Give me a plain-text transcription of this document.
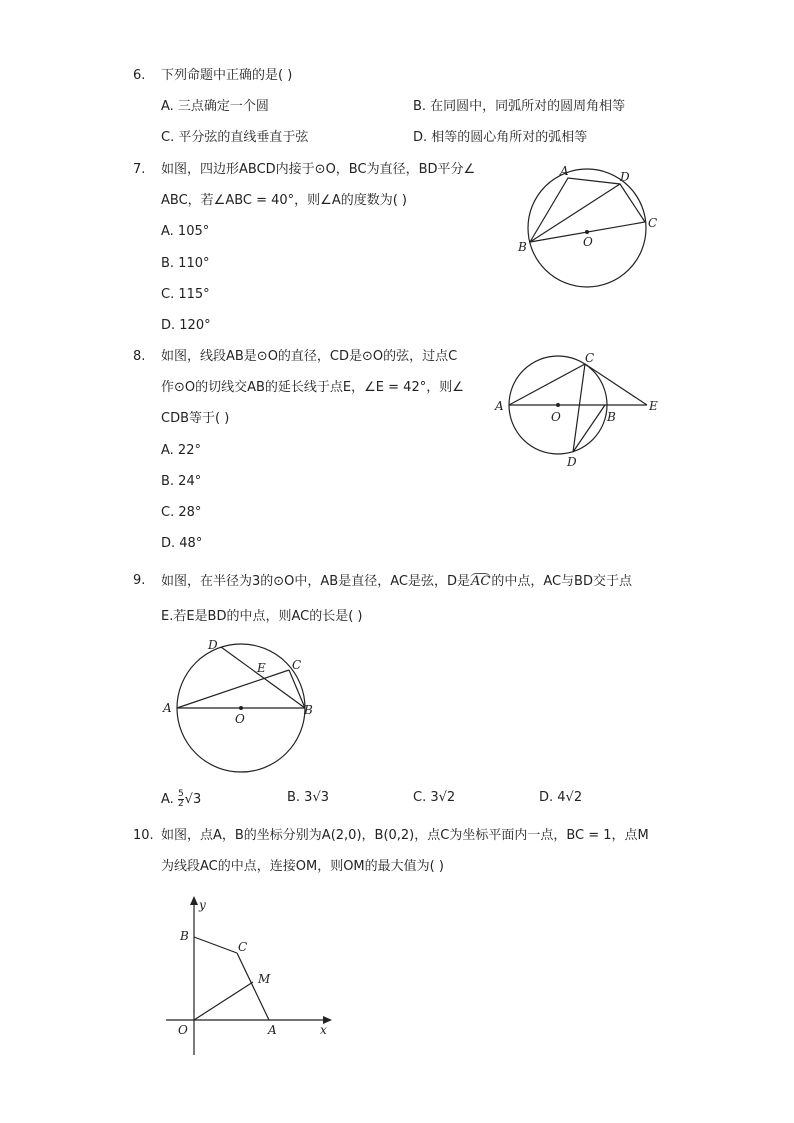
6. 下列命题中正确的是( )
A. 三点确定一个圆	B. 在同圆中，同弧所对的圆周角相等
C. 平分弦的直线垂直于弦	D. 相等的圆心角所对的弧相等
7. 如图，四边形ABCD内接于⊙O，BC为直径，BD平分∠
ABC，若∠ABC = 40°，则∠A的度数为( )
A. 105°
B. 110°
C. 115°
D. 120°
A	D
C
B	O
8. 如图，线段AB是⊙O的直径，CD是⊙O的弦，过点C
作⊙O的切线交AB的延长线于点E，∠E = 42°，则∠
CDB等于( )
A. 22°
B. 24°
C. 28°
D. 48°
C
A
O	B
E
D
9. 如图，在半径为3的⊙O中，AB是直径，AC是弦，D是AC的中点，AC与BD交于点
E.若E是BD的中点，则AC的长是( )
D
E C
A
O
B
A. $\frac{5}{2} √3$	B. 3√3	C. 3√2	D. 4√2
10. 如图，点A，B的坐标分别为A(2,0)，B(0,2)，点C为坐标平面内一点，BC = 1，点M
为线段AC的中点，连接OM，则OM的最大值为( )
y
B
C
M
O	A	x
